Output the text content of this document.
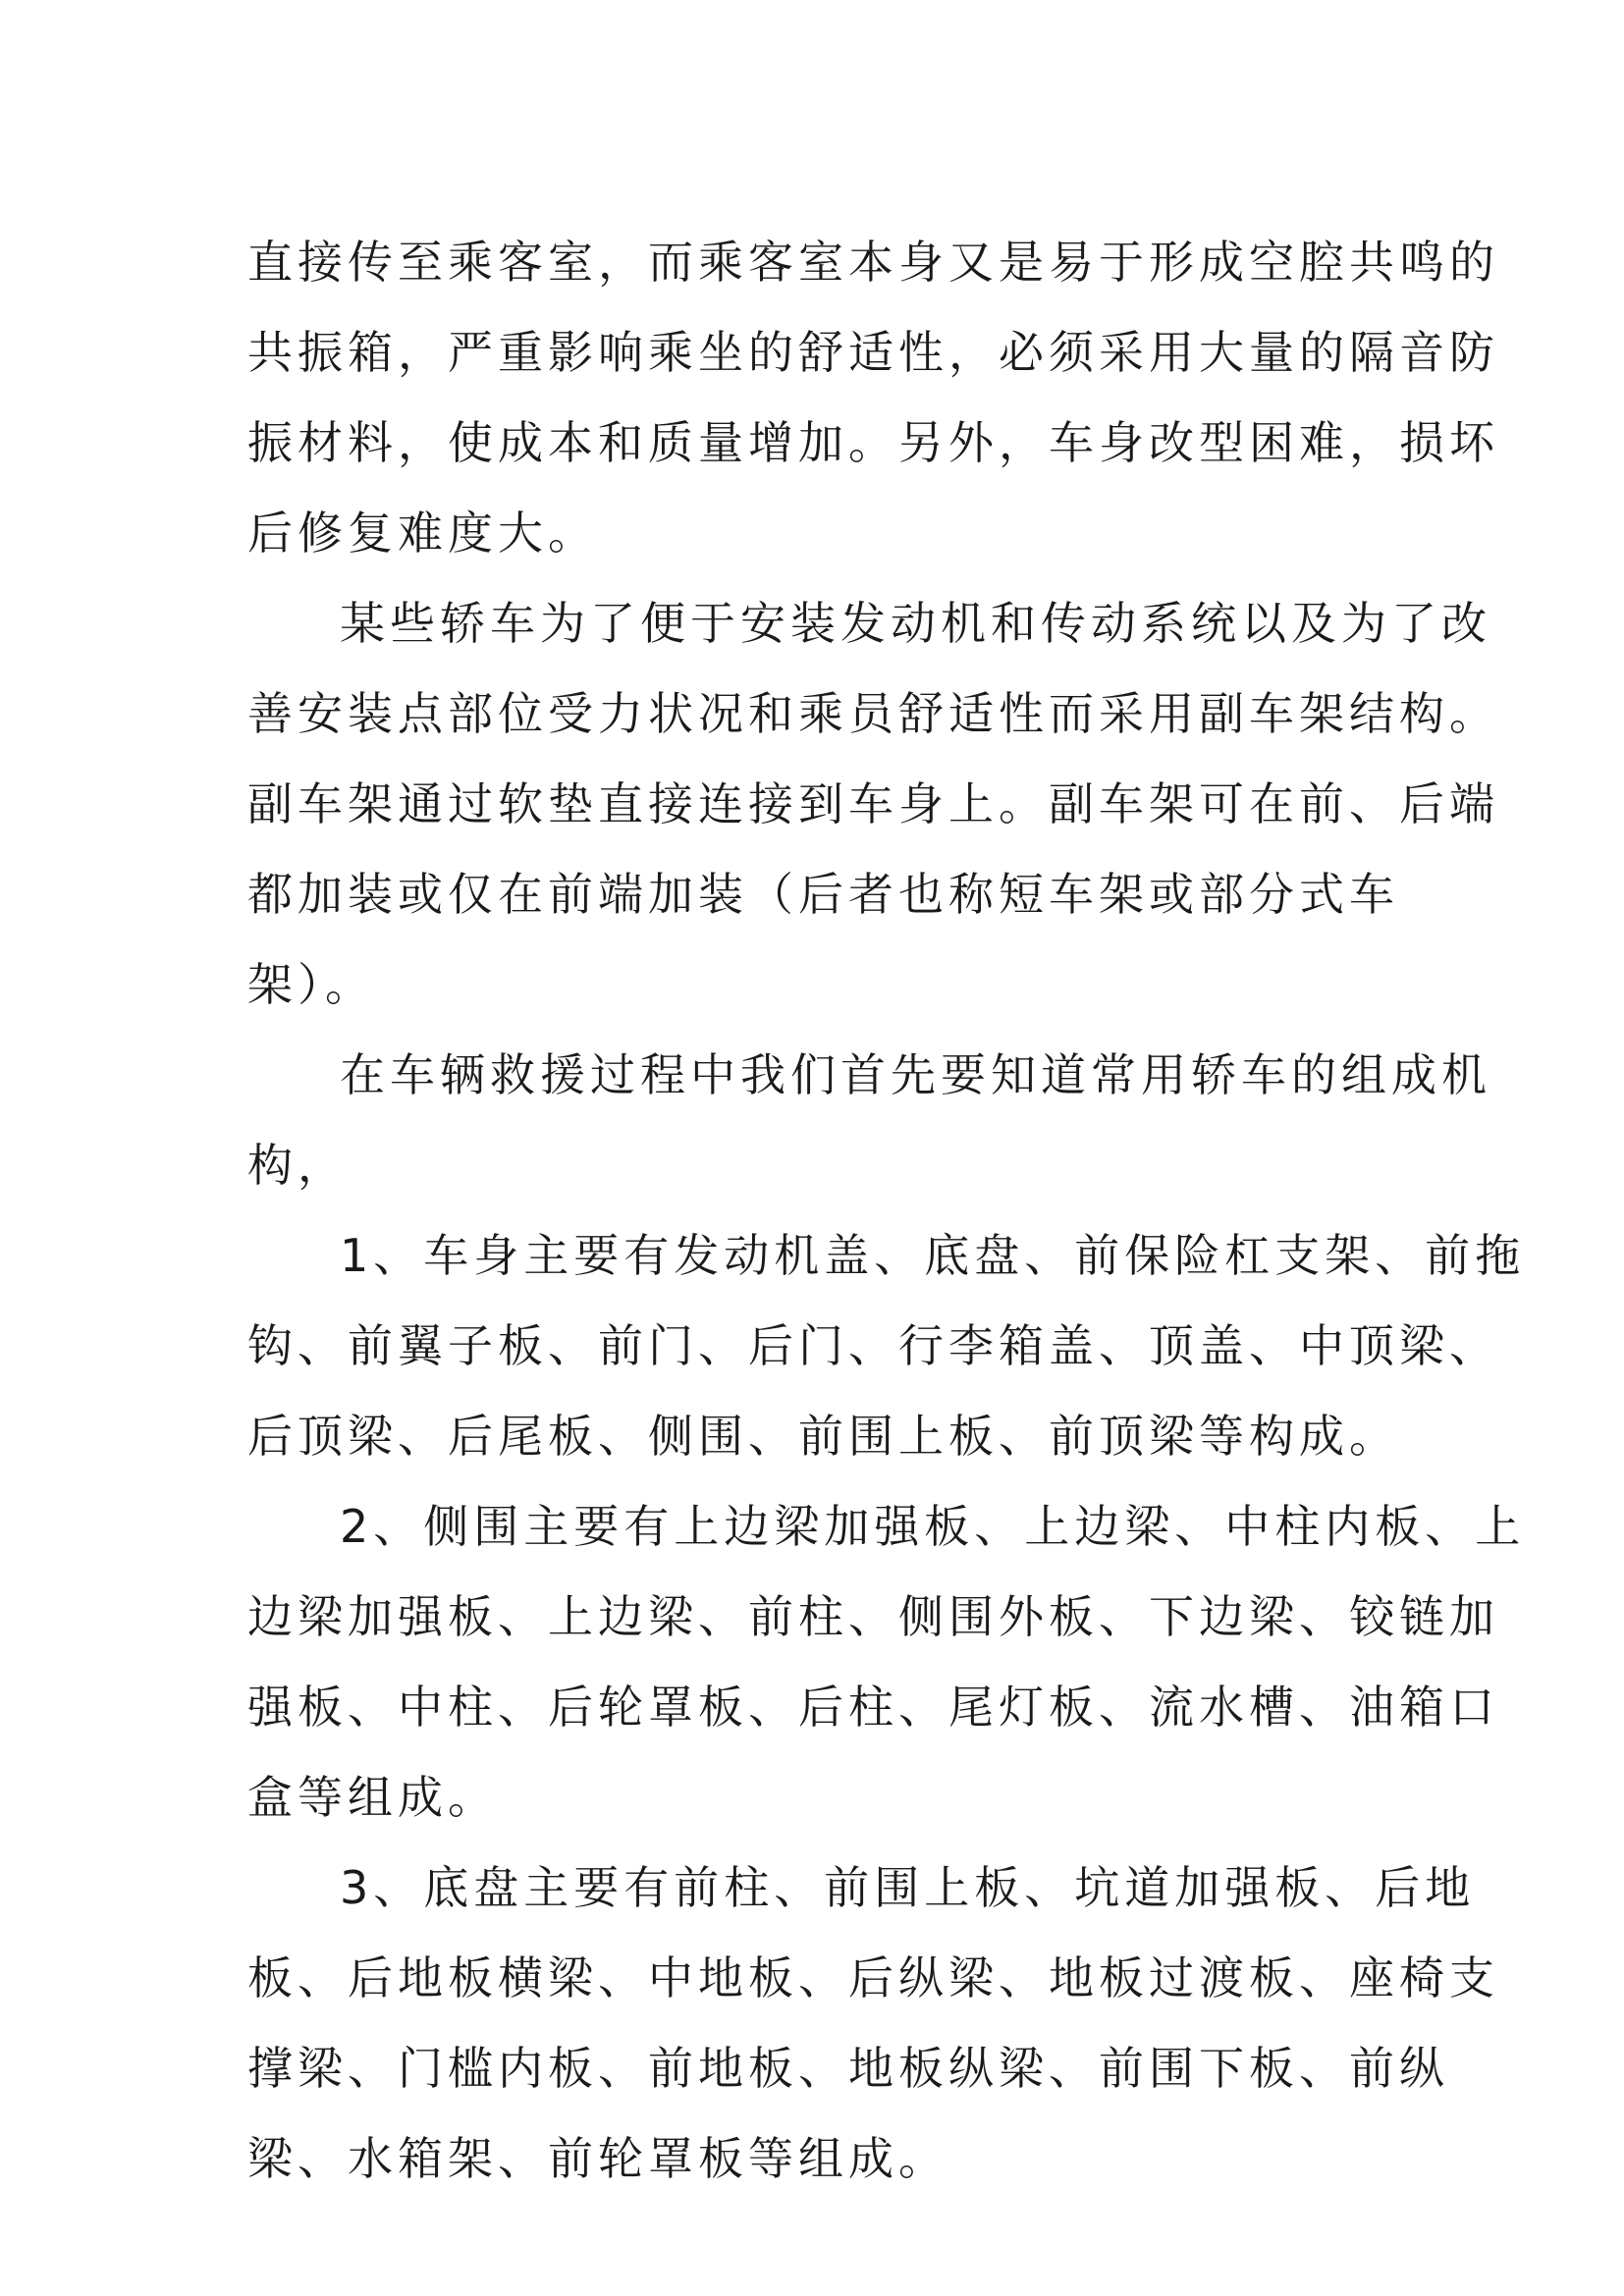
直接传至乘客室，而乘客室本身又是易于形成空腔共鸣的
共振箱，严重影响乘坐的舒适性，必须采用大量的隔音防
振材料，使成本和质量增加。另外，车身改型困难，损坏
后修复难度大。

某些轿车为了便于安装发动机和传动系统以及为了改
善安装点部位受力状况和乘员舒适性而采用副车架结构。
副车架通过软垫直接连接到车身上。副车架可在前、后端
都加装或仅在前端加装（后者也称短车架或部分式车
架）。

在车辆救援过程中我们首先要知道常用轿车的组成机
构，

1、车身主要有发动机盖、底盘、前保险杠支架、前拖
钩、前翼子板、前门、后门、行李箱盖、顶盖、中顶梁、
后顶梁、后尾板、侧围、前围上板、前顶梁等构成。

2、侧围主要有上边梁加强板、上边梁、中柱内板、上
边梁加强板、上边梁、前柱、侧围外板、下边梁、铰链加
强板、中柱、后轮罩板、后柱、尾灯板、流水槽、油箱口
盒等组成。

3、底盘主要有前柱、前围上板、坑道加强板、后地
板、后地板横梁、中地板、后纵梁、地板过渡板、座椅支
撑梁、门槛内板、前地板、地板纵梁、前围下板、前纵
梁、水箱架、前轮罩板等组成。
